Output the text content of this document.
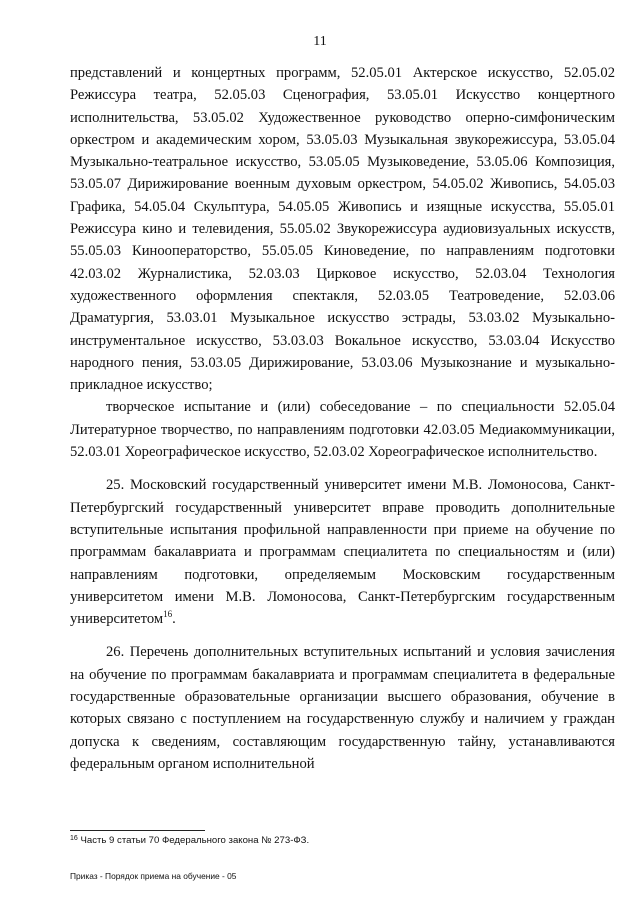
11

представлений и концертных программ, 52.05.01 Актерское искусство, 52.05.02 Режиссура театра, 52.05.03 Сценография, 53.05.01 Искусство концертного исполнительства, 53.05.02 Художественное руководство оперно-симфоническим оркестром и академическим хором, 53.05.03 Музыкальная звукорежиссура, 53.05.04 Музыкально-театральное искусство, 53.05.05 Музыковедение, 53.05.06 Композиция, 53.05.07 Дирижирование военным духовым оркестром, 54.05.02 Живопись, 54.05.03 Графика, 54.05.04 Скульптура, 54.05.05 Живопись и изящные искусства, 55.05.01 Режиссура кино и телевидения, 55.05.02 Звукорежиссура аудиовизуальных искусств, 55.05.03 Кинооператорство, 55.05.05 Киноведение, по направлениям подготовки 42.03.02 Журналистика, 52.03.03 Цирковое искусство, 52.03.04 Технология художественного оформления спектакля, 52.03.05 Театроведение, 52.03.06 Драматургия, 53.03.01 Музыкальное искусство эстрады, 53.03.02 Музыкально-инструментальное искусство, 53.03.03 Вокальное искусство, 53.03.04 Искусство народного пения, 53.03.05 Дирижирование, 53.03.06 Музыкознание и музыкально-прикладное искусство;

творческое испытание и (или) собеседование – по специальности 52.05.04 Литературное творчество, по направлениям подготовки 42.03.05 Медиакоммуникации, 52.03.01 Хореографическое искусство, 52.03.02 Хореографическое исполнительство.

25. Московский государственный университет имени М.В. Ломоносова, Санкт-Петербургский государственный университет вправе проводить дополнительные вступительные испытания профильной направленности при приеме на обучение по программам бакалавриата и программам специалитета по специальностям и (или) направлениям подготовки, определяемым Московским государственным университетом имени М.В. Ломоносова, Санкт-Петербургским государственным университетом$^{16}$.

26. Перечень дополнительных вступительных испытаний и условия зачисления на обучение по программам бакалавриата и программам специалитета в федеральные государственные образовательные организации высшего образования, обучение в которых связано с поступлением на государственную службу и наличием у граждан допуска к сведениям, составляющим государственную тайну, устанавливаются федеральным органом исполнительной

$^{16}$ Часть 9 статьи 70 Федерального закона № 273-ФЗ.
Приказ - Порядок приема на обучение - 05
